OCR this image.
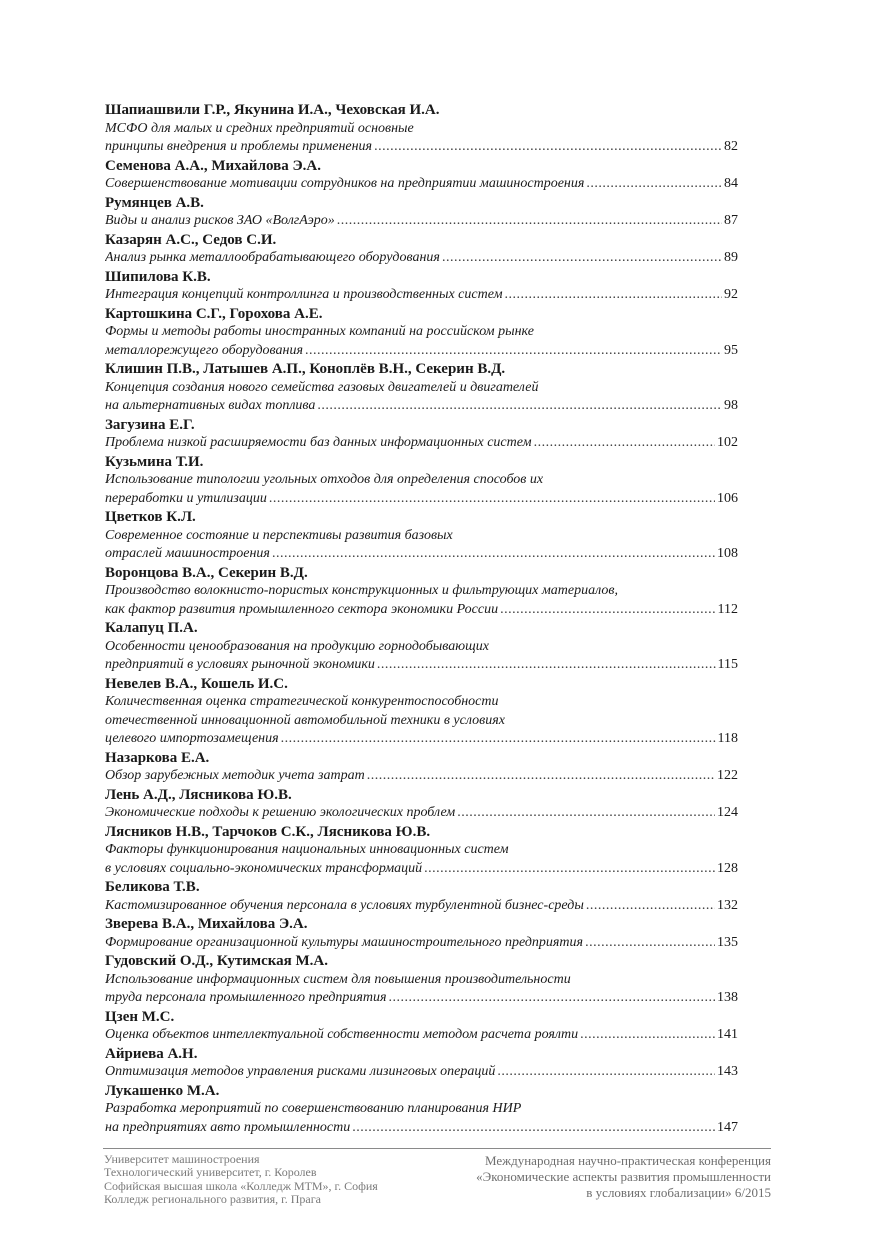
Шапиашвили Г.Р., Якунина И.А., Чеховская И.А.
МСФО для малых и средних предприятий основные
принципы внедрения и проблемы применения .....	82
Семенова А.А., Михайлова Э.А.
Совершенствование мотивации сотрудников на предприятии машиностроения .....	84
Румянцев А.В.
Виды и анализ рисков ЗАО «ВолгАэро» .....	87
Казарян А.С., Седов С.И.
Анализ рынка металлообрабатывающего оборудования .....	89
Шипилова К.В.
Интеграция концепций контроллинга и производственных систем .....	92
Картошкина С.Г., Горохова А.Е.
Формы и методы работы иностранных компаний на российском рынке
металлорежущего оборудования .....	95
Клишин П.В., Латышев А.П., Коноплёв В.Н., Секерин В.Д.
Концепция создания нового семейства газовых двигателей и двигателей
на альтернативных видах топлива .....	98
Загузина Е.Г.
Проблема низкой расширяемости баз данных информационных систем .....	102
Кузьмина Т.И.
Использование типологии угольных отходов для определения способов их
переработки и утилизации .....	106
Цветков К.Л.
Современное состояние и перспективы развития базовых
отраслей машиностроения .....	108
Воронцова В.А., Секерин В.Д.
Производство волокнисто-пористых конструкционных и фильтрующих материалов,
как фактор развития промышленного сектора экономики России .....	112
Калапуц П.А.
Особенности ценообразования на продукцию горнодобывающих
предприятий в условиях рыночной экономики .....	115
Невелев В.А., Кошель И.С.
Количественная оценка стратегической конкурентоспособности
отечественной инновационной автомобильной техники в условиях
целевого импортозамещения .....	118
Назаркова Е.А.
Обзор зарубежных методик учета затрат .....	122
Лень А.Д., Лясникова Ю.В.
Экономические подходы к решению экологических проблем .....	124
Лясников Н.В., Тарчоков С.К., Лясникова Ю.В.
Факторы функционирования национальных инновационных систем
в условиях социально-экономических трансформаций .....	128
Беликова Т.В.
Кастомизированное обучения персонала в условиях турбулентной бизнес-среды .....	132
Зверева В.А., Михайлова Э.А.
Формирование организационной культуры машиностроительного предприятия .....	135
Гудовский О.Д., Кутимская М.А.
Использование информационных систем для повышения производительности
труда персонала промышленного предприятия .....	138
Цзен М.С.
Оценка объектов интеллектуальной собственности методом расчета роялти .....	141
Айриева А.Н.
Оптимизация методов управления рисками лизинговых операций .....	143
Лукашенко М.А.
Разработка мероприятий по совершенствованию планирования НИР
на предприятиях авто промышленности .....	147
Университет машиностроения
Технологический университет, г. Королев
Софийская высшая школа «Колледж МТМ», г. София
Колледж регионального развития, г. Прага
Международная научно-практическая конференция
«Экономические аспекты развития промышленности
в условиях глобализации» 6/2015
